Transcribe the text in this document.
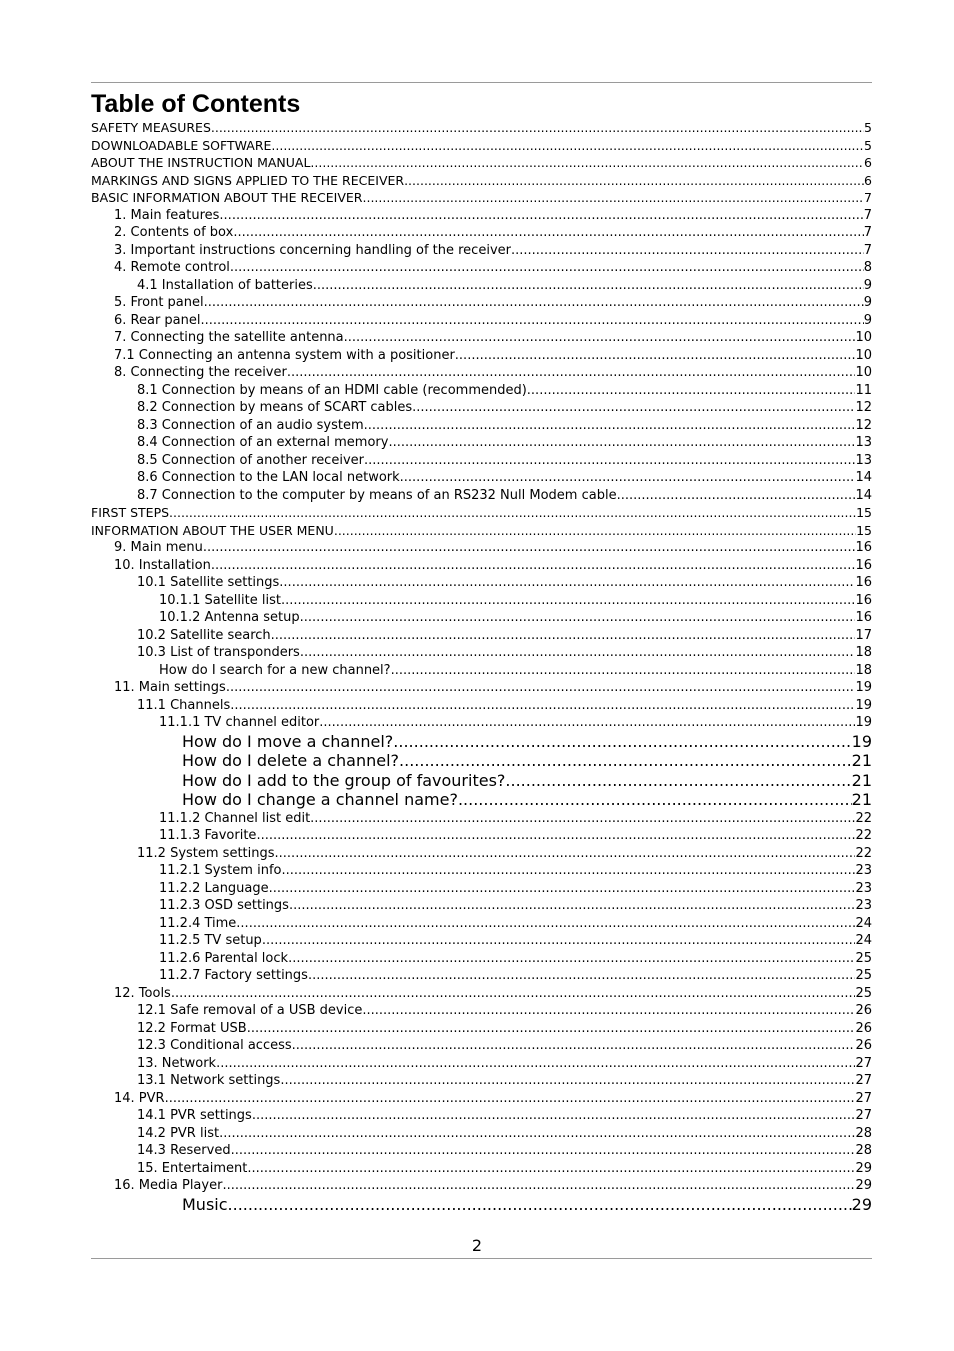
Table of Contents
SAFETY MEASURES .....	5
DOWNLOADABLE SOFTWARE .....	5
ABOUT THE INSTRUCTION MANUAL .....	6
MARKINGS AND SIGNS APPLIED TO THE RECEIVER .....	6
BASIC INFORMATION ABOUT THE RECEIVER .....	7
1. Main features .....	7
2. Contents of box .....	7
3. Important instructions concerning handling of the receiver .....	7
4. Remote control .....	8
4.1 Installation of batteries .....	9
5. Front panel .....	9
6. Rear panel .....	9
7. Connecting the satellite antenna .....	10
7.1 Connecting an antenna system with a positioner .....	10
8. Connecting the receiver .....	10
8.1 Connection by means of an HDMI cable (recommended) .....	11
8.2 Connection by means of SCART cables .....	12
8.3 Connection of an audio system .....	12
8.4 Connection of an external memory .....	13
8.5 Connection of another receiver .....	13
8.6 Connection to the LAN local network .....	14
8.7 Connection to the computer by means of an RS232 Null Modem cable .....	14
FIRST STEPS .....	15
INFORMATION ABOUT THE USER MENU .....	15
9. Main menu .....	16
10. Installation .....	16
10.1 Satellite settings .....	16
10.1.1 Satellite list .....	16
10.1.2 Antenna setup .....	16
10.2 Satellite search .....	17
10.3 List of transponders .....	18
How do I search for a new channel? .....	18
11. Main settings .....	19
11.1 Channels .....	19
11.1.1 TV channel editor .....	19
How do I move a channel? .....	19
How do I delete a channel? .....	21
How do I add to the group of favourites? .....	21
How do I change a channel name? .....	21
11.1.2 Channel list edit .....	22
11.1.3 Favorite .....	22
11.2 System settings .....	22
11.2.1 System info .....	23
11.2.2 Language .....	23
11.2.3 OSD settings .....	23
11.2.4 Time .....	24
11.2.5 TV setup .....	24
11.2.6 Parental lock .....	25
11.2.7 Factory settings .....	25
12. Tools .....	25
12.1 Safe removal of a USB device .....	26
12.2 Format USB .....	26
12.3 Conditional access .....	26
13. Network .....	27
13.1 Network settings .....	27
14. PVR .....	27
14.1 PVR settings .....	27
14.2 PVR list .....	28
14.3 Reserved .....	28
15. Entertaiment .....	29
16. Media Player .....	29
Music .....	29
2
